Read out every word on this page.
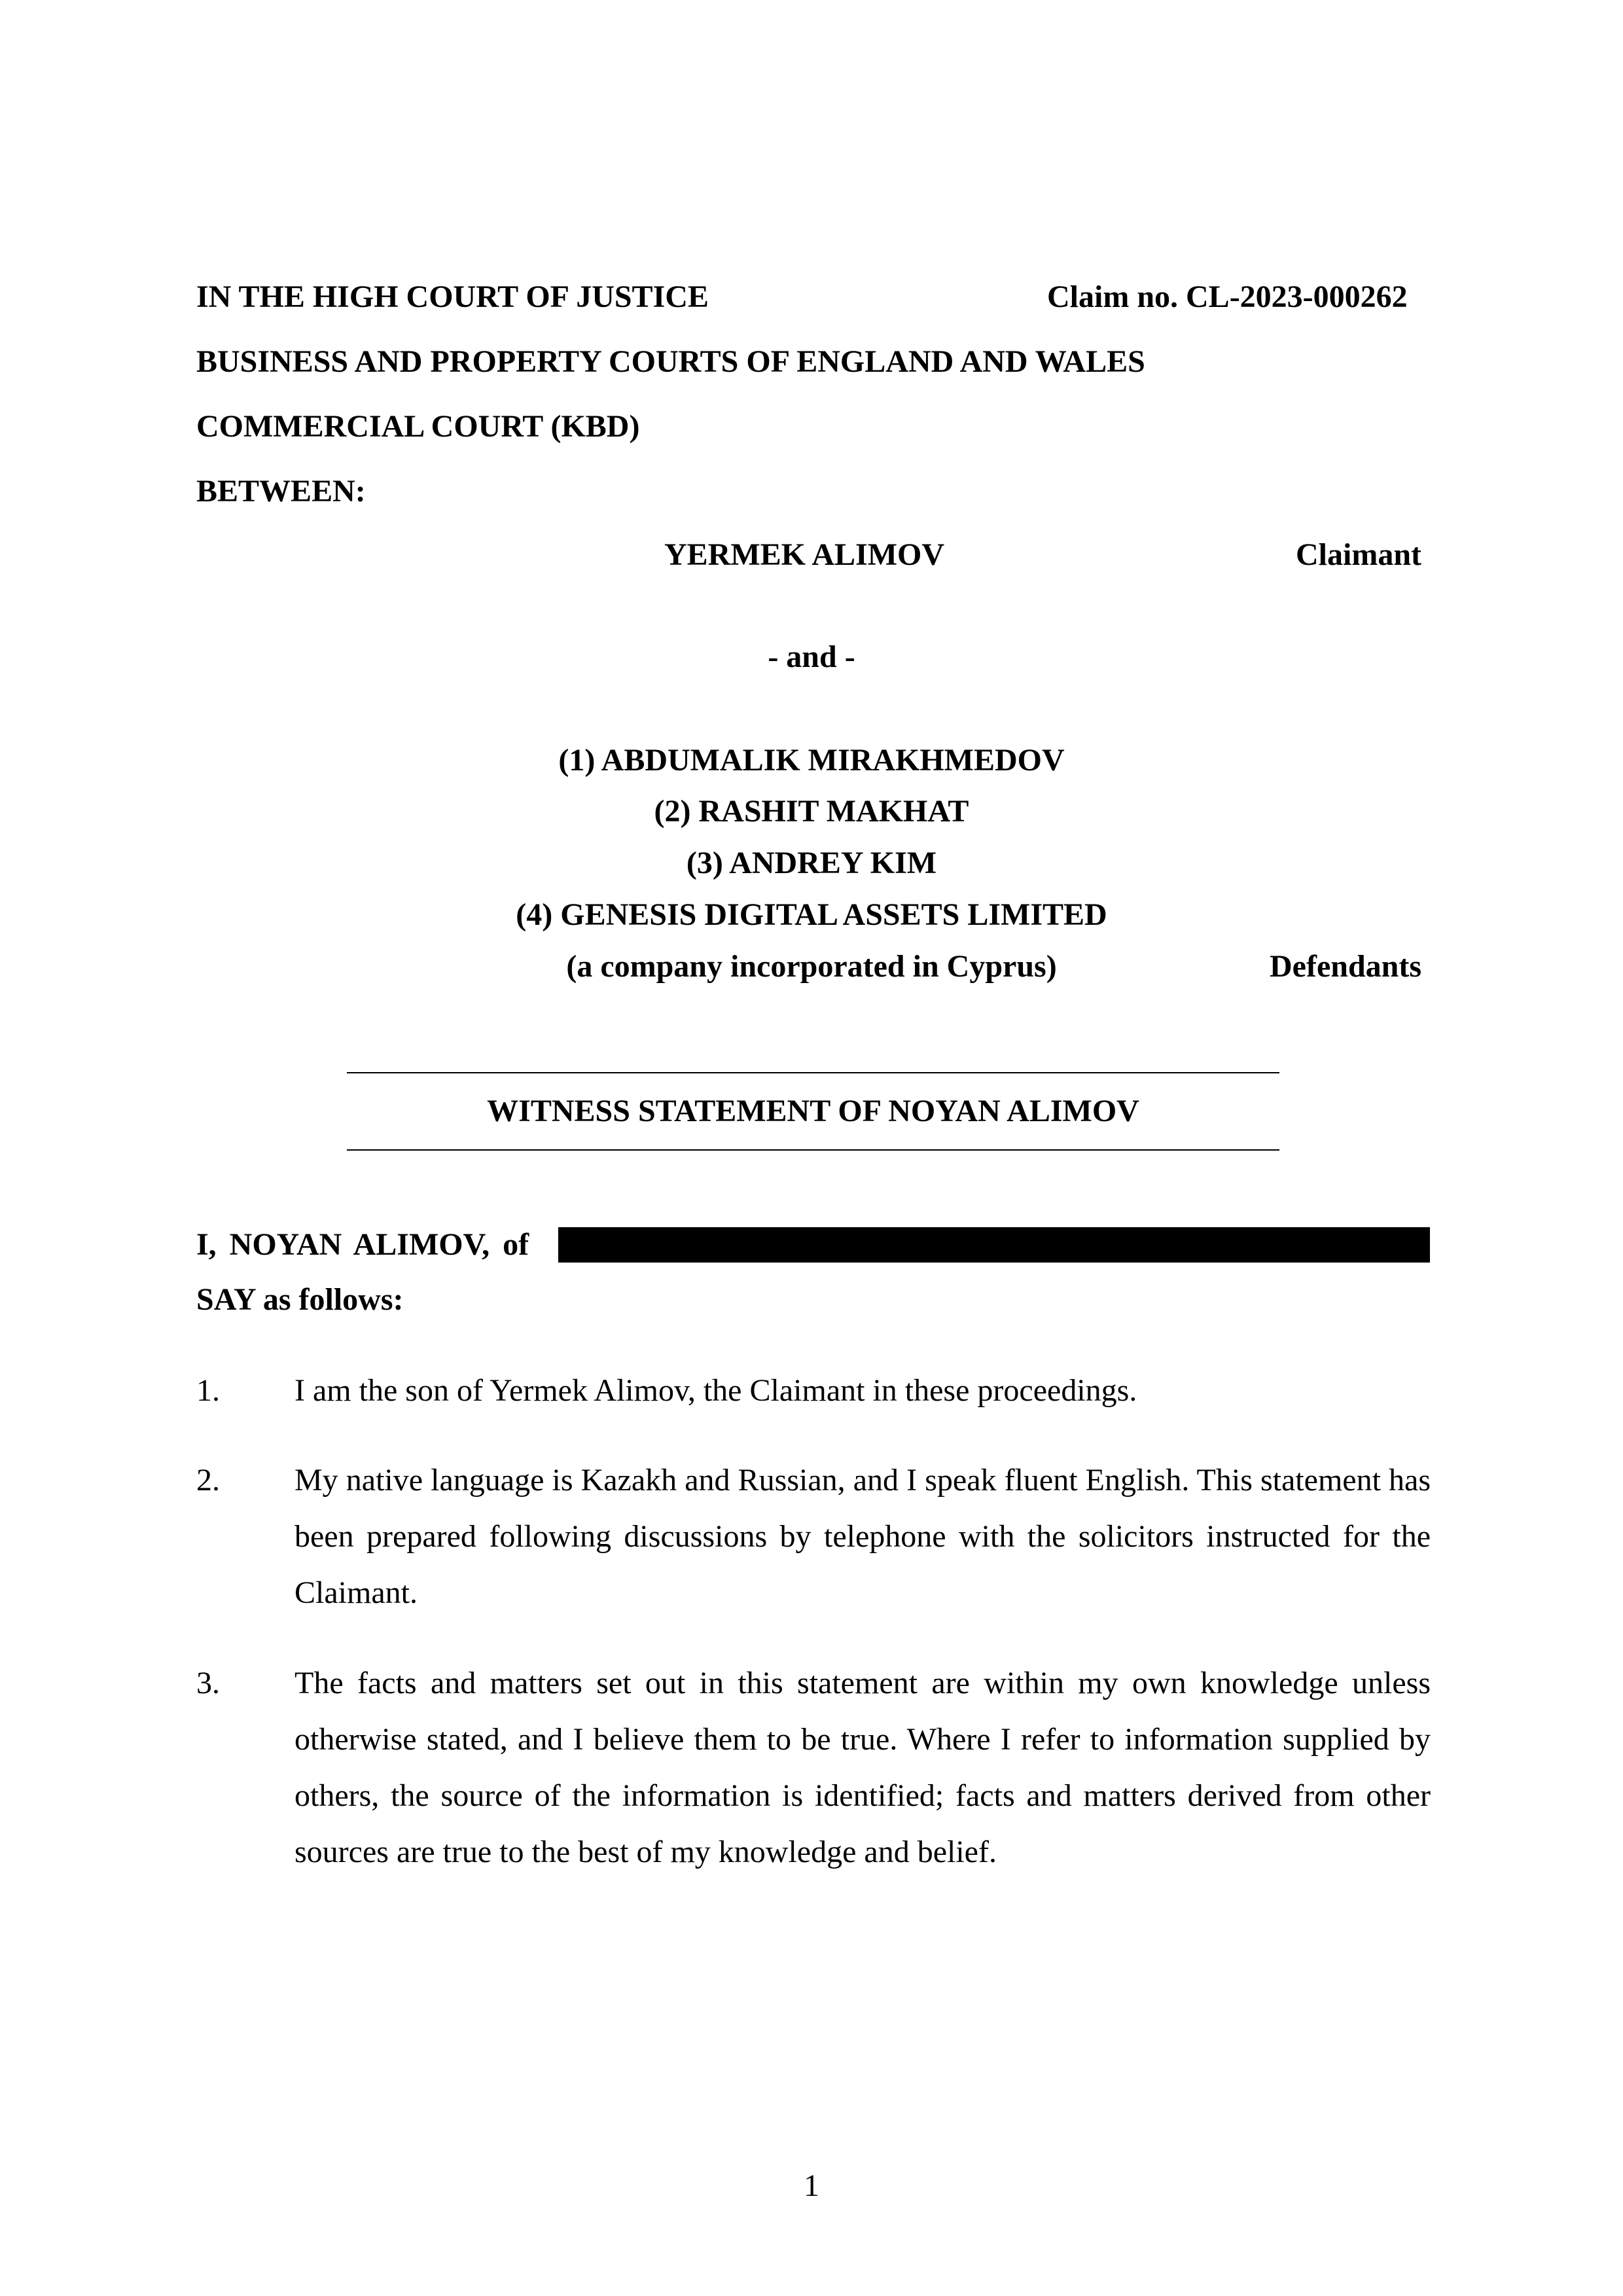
IN THE HIGH COURT OF JUSTICE	Claim no. CL-2023-000262
BUSINESS AND PROPERTY COURTS OF ENGLAND AND WALES
COMMERCIAL COURT (KBD)
BETWEEN:
YERMEK ALIMOV	Claimant
- and -
(1) ABDUMALIK MIRAKHMEDOV
(2) RASHIT MAKHAT
(3) ANDREY KIM
(4) GENESIS DIGITAL ASSETS LIMITED
(a company incorporated in Cyprus)	Defendants
WITNESS STATEMENT OF NOYAN ALIMOV
I, NOYAN ALIMOV, of
SAY as follows:
1. I am the son of Yermek Alimov, the Claimant in these proceedings.
2. My native language is Kazakh and Russian, and I speak fluent English. This statement has been prepared following discussions by telephone with the solicitors instructed for the Claimant.
3. The facts and matters set out in this statement are within my own knowledge unless otherwise stated, and I believe them to be true. Where I refer to information supplied by others, the source of the information is identified; facts and matters derived from other sources are true to the best of my knowledge and belief.
1
